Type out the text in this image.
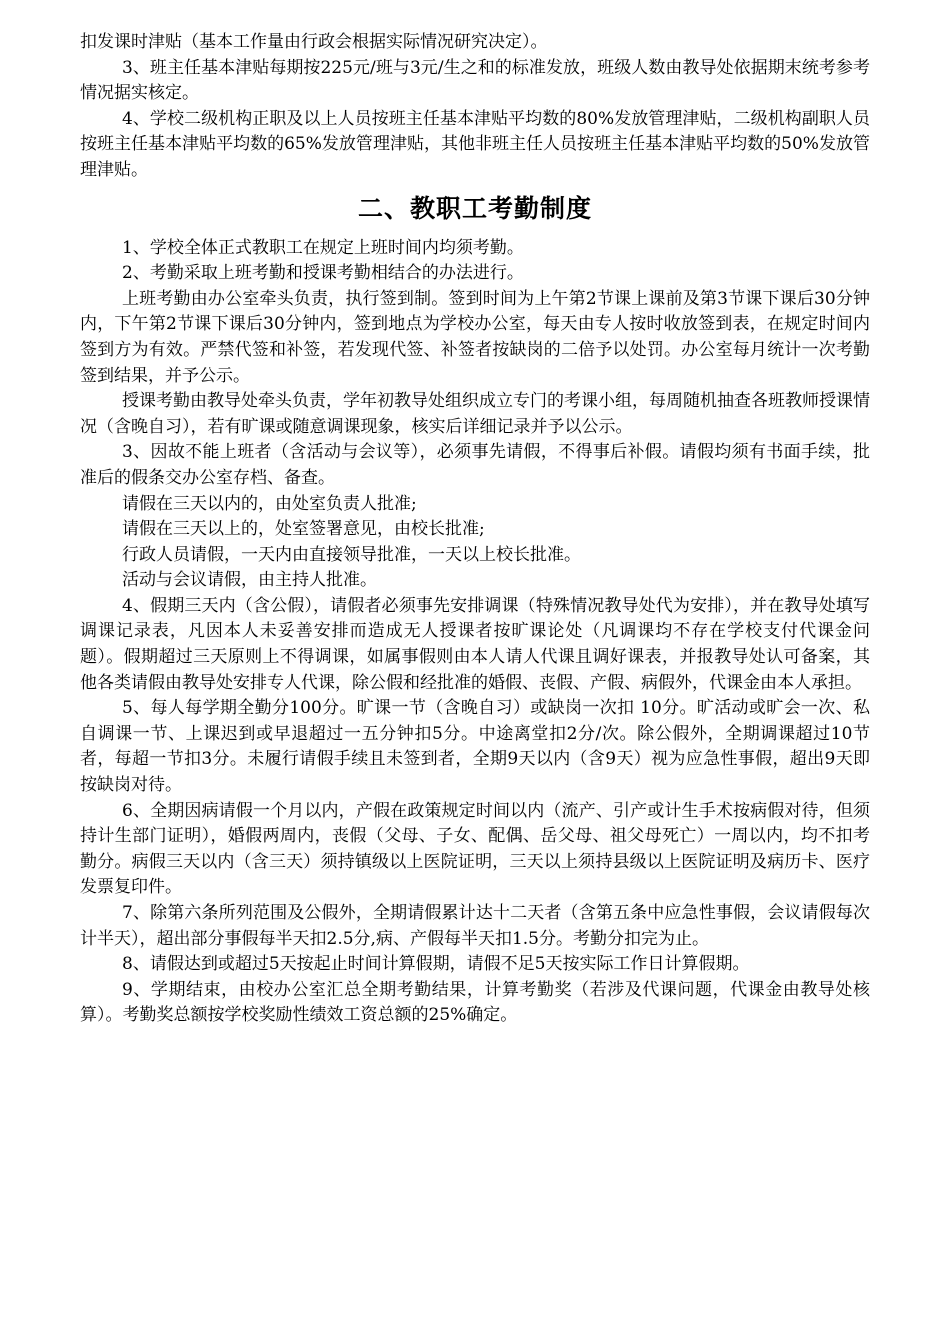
扣发课时津贴（基本工作量由行政会根据实际情况研究决定）。

3、班主任基本津贴每期按225元/班与3元/生之和的标准发放，班级人数由教导处依据期末统考参考情况据实核定。

4、学校二级机构正职及以上人员按班主任基本津贴平均数的80%发放管理津贴，二级机构副职人员按班主任基本津贴平均数的65%发放管理津贴，其他非班主任人员按班主任基本津贴平均数的50%发放管理津贴。

二、教职工考勤制度

1、学校全体正式教职工在规定上班时间内均须考勤。

2、考勤采取上班考勤和授课考勤相结合的办法进行。

上班考勤由办公室牵头负责，执行签到制。签到时间为上午第2节课上课前及第3节课下课后30分钟内，下午第2节课下课后30分钟内，签到地点为学校办公室，每天由专人按时收放签到表，在规定时间内签到方为有效。严禁代签和补签，若发现代签、补签者按缺岗的二倍予以处罚。办公室每月统计一次考勤签到结果，并予公示。

授课考勤由教导处牵头负责，学年初教导处组织成立专门的考课小组，每周随机抽查各班教师授课情况（含晚自习），若有旷课或随意调课现象，核实后详细记录并予以公示。

3、因故不能上班者（含活动与会议等），必须事先请假，不得事后补假。请假均须有书面手续，批准后的假条交办公室存档、备查。

请假在三天以内的，由处室负责人批准;

请假在三天以上的，处室签署意见，由校长批准;

行政人员请假，一天内由直接领导批准，一天以上校长批准。

活动与会议请假，由主持人批准。

4、假期三天内（含公假），请假者必须事先安排调课（特殊情况教导处代为安排），并在教导处填写调课记录表，凡因本人未妥善安排而造成无人授课者按旷课论处（凡调课均不存在学校支付代课金问题）。假期超过三天原则上不得调课，如属事假则由本人请人代课且调好课表，并报教导处认可备案，其他各类请假由教导处安排专人代课，除公假和经批准的婚假、丧假、产假、病假外，代课金由本人承担。

5、每人每学期全勤分100分。旷课一节（含晚自习）或缺岗一次扣 10分。旷活动或旷会一次、私自调课一节、上课迟到或早退超过一五分钟扣5分。中途离堂扣2分/次。除公假外，全期调课超过10节者，每超一节扣3分。未履行请假手续且未签到者，全期9天以内（含9天）视为应急性事假，超出9天即按缺岗对待。

6、全期因病请假一个月以内，产假在政策规定时间以内（流产、引产或计生手术按病假对待，但须持计生部门证明），婚假两周内，丧假（父母、子女、配偶、岳父母、祖父母死亡）一周以内，均不扣考勤分。病假三天以内（含三天）须持镇级以上医院证明，三天以上须持县级以上医院证明及病历卡、医疗发票复印件。

7、除第六条所列范围及公假外，全期请假累计达十二天者（含第五条中应急性事假，会议请假每次计半天），超出部分事假每半天扣2.5分,病、产假每半天扣1.5分。考勤分扣完为止。

8、请假达到或超过5天按起止时间计算假期，请假不足5天按实际工作日计算假期。

9、学期结束，由校办公室汇总全期考勤结果，计算考勤奖（若涉及代课问题，代课金由教导处核算）。考勤奖总额按学校奖励性绩效工资总额的25%确定。
